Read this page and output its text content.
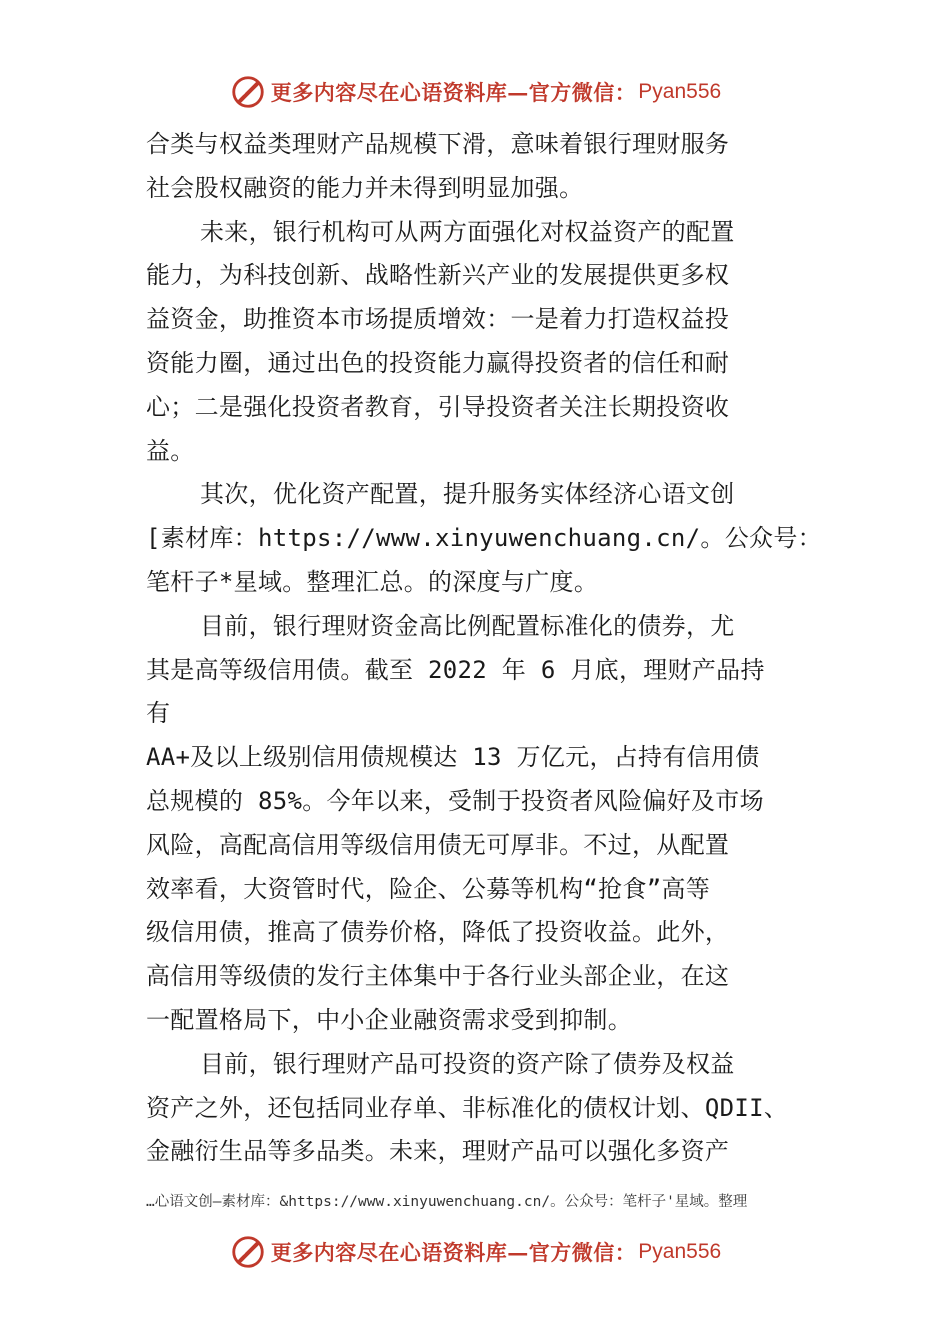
更多内容尽在心语资料库—官方微信： Pyan556
合类与权益类理财产品规模下滑，意味着银行理财服务
社会股权融资的能力并未得到明显加强。
未来，银行机构可从两方面强化对权益资产的配置
能力，为科技创新、战略性新兴产业的发展提供更多权
益资金，助推资本市场提质增效：一是着力打造权益投
资能力圈，通过出色的投资能力赢得投资者的信任和耐
心；二是强化投资者教育，引导投资者关注长期投资收
益。
其次，优化资产配置，提升服务实体经济心语文创
[素材库：https://www.xinyuwenchuang.cn/。公众号：
笔杆子*星域。整理汇总。的深度与广度。
目前，银行理财资金高比例配置标准化的债券，尤
其是高等级信用债。截至 2022 年 6 月底，理财产品持
有
AA+及以上级别信用债规模达 13 万亿元，占持有信用债
总规模的 85%。今年以来，受制于投资者风险偏好及市场
风险，高配高信用等级信用债无可厚非。不过，从配置
效率看，大资管时代，险企、公募等机构“抢食”高等
级信用债，推高了债券价格，降低了投资收益。此外，
高信用等级债的发行主体集中于各行业头部企业，在这
一配置格局下，中小企业融资需求受到抑制。
目前，银行理财产品可投资的资产除了债券及权益
资产之外，还包括同业存单、非标准化的债权计划、QDII、
金融衍生品等多品类。未来，理财产品可以强化多资产
…心语文创—素材库：&https://www.xinyuwenchuang.cn/。公众号：笔杆子'星域。整理
更多内容尽在心语资料库—官方微信： Pyan556
